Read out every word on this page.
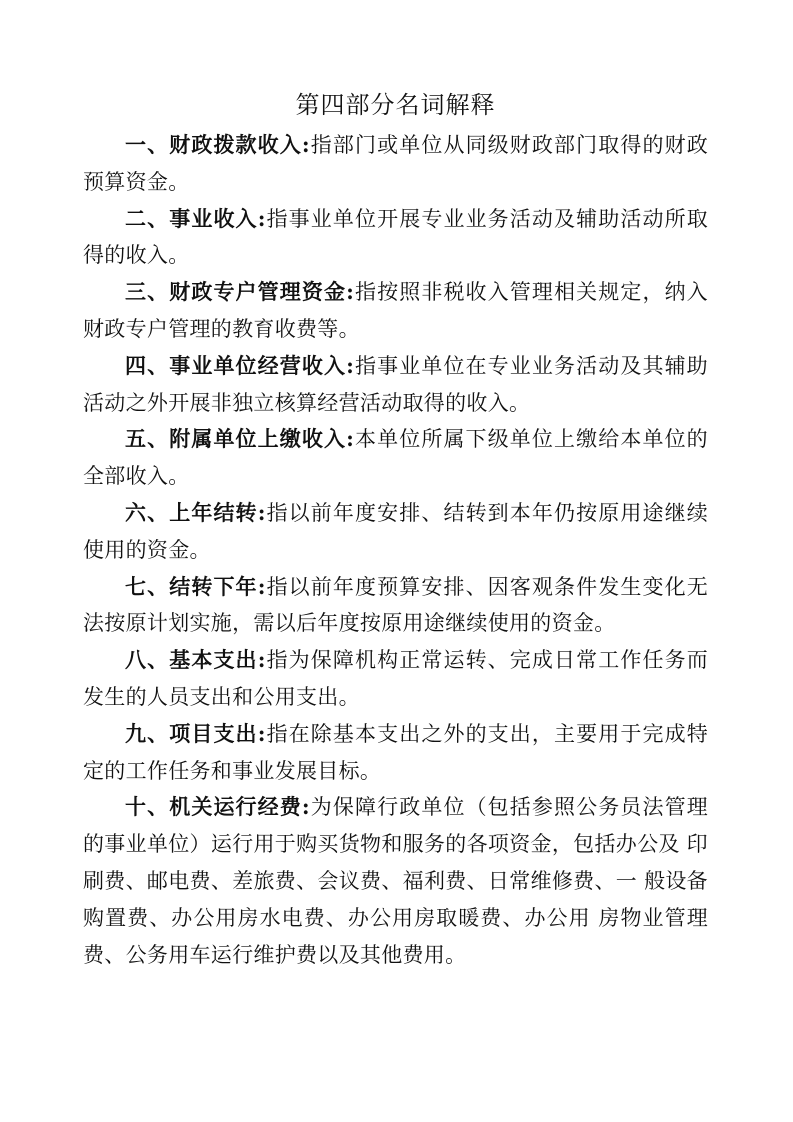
第四部分名词解释

一、财政拨款收入:指部门或单位从同级财政部门取得的财政预算资金。

二、事业收入:指事业单位开展专业业务活动及辅助活动所取得的收入。

三、财政专户管理资金:指按照非税收入管理相关规定，纳入财政专户管理的教育收费等。

四、事业单位经营收入:指事业单位在专业业务活动及其辅助活动之外开展非独立核算经营活动取得的收入。

五、附属单位上缴收入:本单位所属下级单位上缴给本单位的全部收入。

六、上年结转:指以前年度安排、结转到本年仍按原用途继续使用的资金。

七、结转下年:指以前年度预算安排、因客观条件发生变化无法按原计划实施，需以后年度按原用途继续使用的资金。

八、基本支出:指为保障机构正常运转、完成日常工作任务而发生的人员支出和公用支出。

九、项目支出:指在除基本支出之外的支出，主要用于完成特定的工作任务和事业发展目标。

十、机关运行经费:为保障行政单位（包括参照公务员法管理 的事业单位）运行用于购买货物和服务的各项资金，包括办公及 印刷费、邮电费、差旅费、会议费、福利费、日常维修费、一 般设备购置费、办公用房水电费、办公用房取暖费、办公用 房物业管理费、公务用车运行维护费以及其他费用。
